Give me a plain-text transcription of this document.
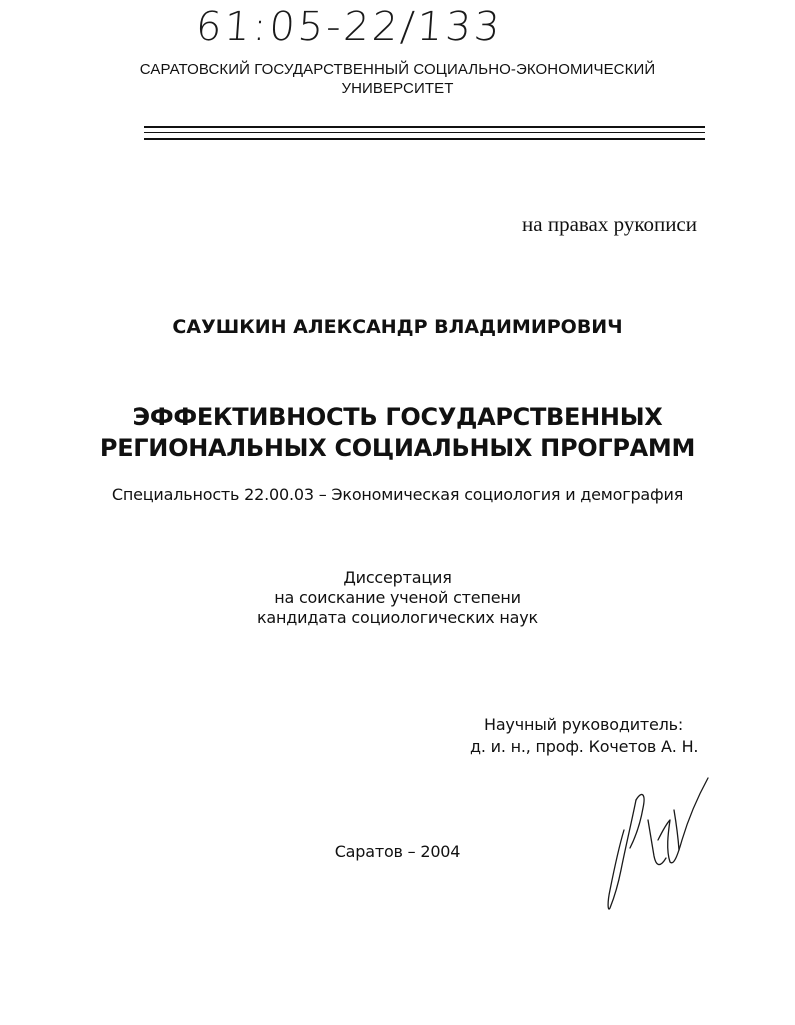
61:05-22/133
САРАТОВСКИЙ ГОСУДАРСТВЕННЫЙ СОЦИАЛЬНО-ЭКОНОМИЧЕСКИЙ
УНИВЕРСИТЕТ
на правах рукописи
САУШКИН АЛЕКСАНДР ВЛАДИМИРОВИЧ
ЭФФЕКТИВНОСТЬ ГОСУДАРСТВЕННЫХ
РЕГИОНАЛЬНЫХ СОЦИАЛЬНЫХ ПРОГРАММ
Специальность 22.00.03 – Экономическая социология и демография
Диссертация
на соискание ученой степени
кандидата социологических наук
Научный руководитель:
д. и. н., проф. Кочетов А. Н.
Саратов – 2004
